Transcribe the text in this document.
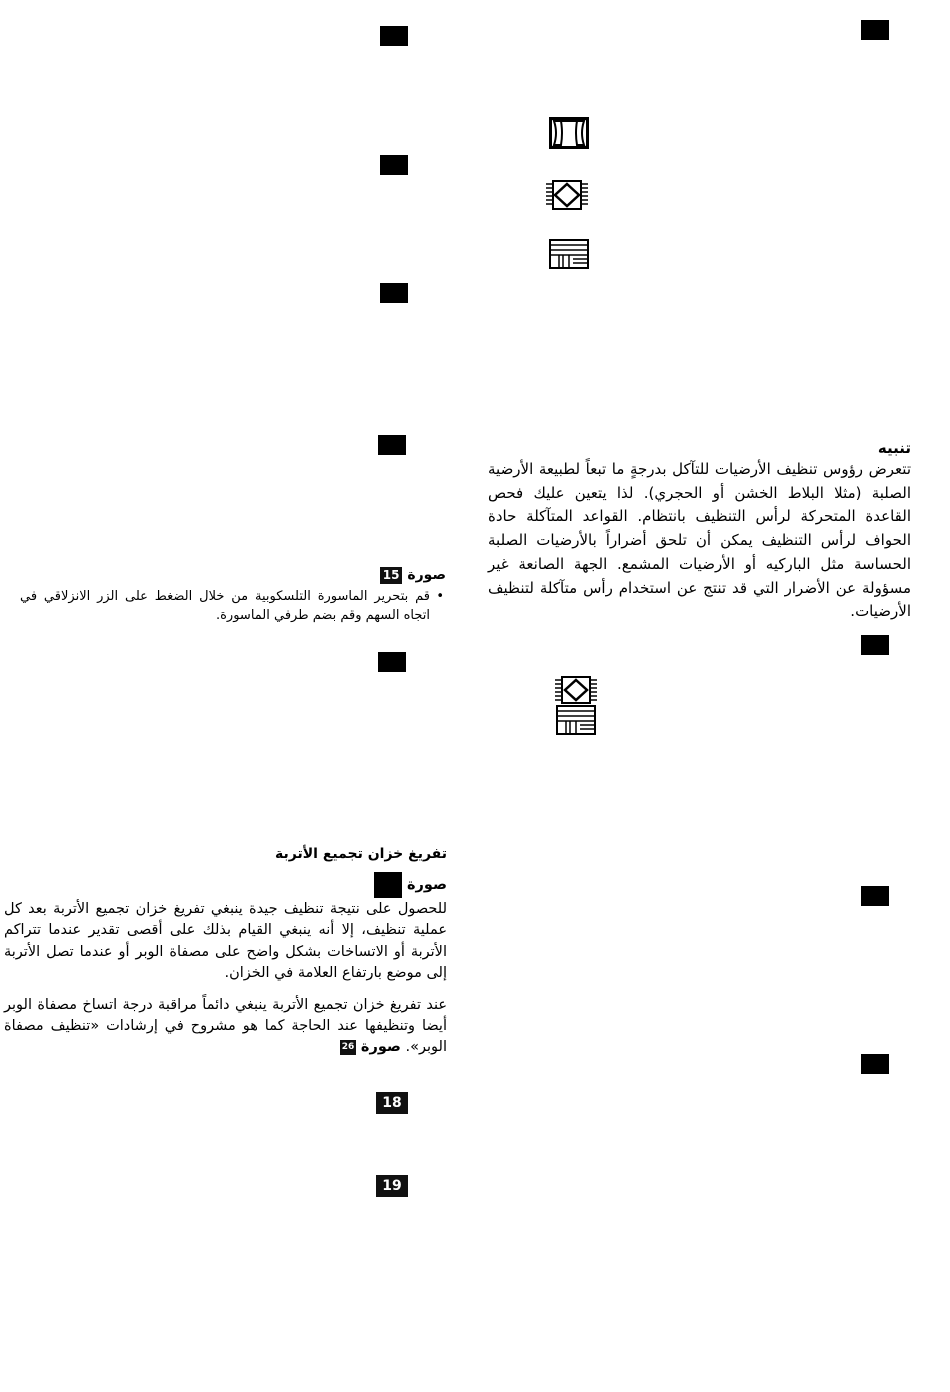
تنبيه

تتعرض رؤوس تنظيف الأرضيات للتآكل بدرجةٍ ما تبعاً لطبيعة الأرضية الصلبة (مثلا البلاط الخشن أو الحجري). لذا يتعين عليك فحص القاعدة المتحركة لرأس التنظيف بانتظام. القواعد المتآكلة حادة الحواف لرأس التنظيف يمكن أن تلحق أضراراً بالأرضيات الصلبة الحساسة مثل الباركيه أو الأرضيات المشمع. الجهة الصانعة غير مسؤولة عن الأضرار التي قد تنتج عن استخدام رأس متآكلة لتنظيف الأرضيات.

صورة 15

• قم بتحرير الماسورة التلسكوبية من خلال الضغط على الزر الانزلاقي في اتجاه السهم وقم بضم طرفي الماسورة.

تفريغ خزان تجميع الأتربة

صورة

للحصول على نتيجة تنظيف جيدة ينبغي تفريغ خزان تجميع الأتربة بعد كل عملية تنظيف، إلا أنه ينبغي القيام بذلك على أقصى تقدير عندما تتراكم الأتربة أو الاتساخات بشكل واضح على مصفاة الوبر أو عندما تصل الأتربة إلى موضع بارتفاع العلامة في الخزان.

عند تفريغ خزان تجميع الأتربة ينبغي دائماً مراقبة درجة اتساخ مصفاة الوبر أيضا وتنظيفها عند الحاجة كما هو مشروح في إرشادات «تنظيف مصفاة الوبر». صورة 26

18
19
